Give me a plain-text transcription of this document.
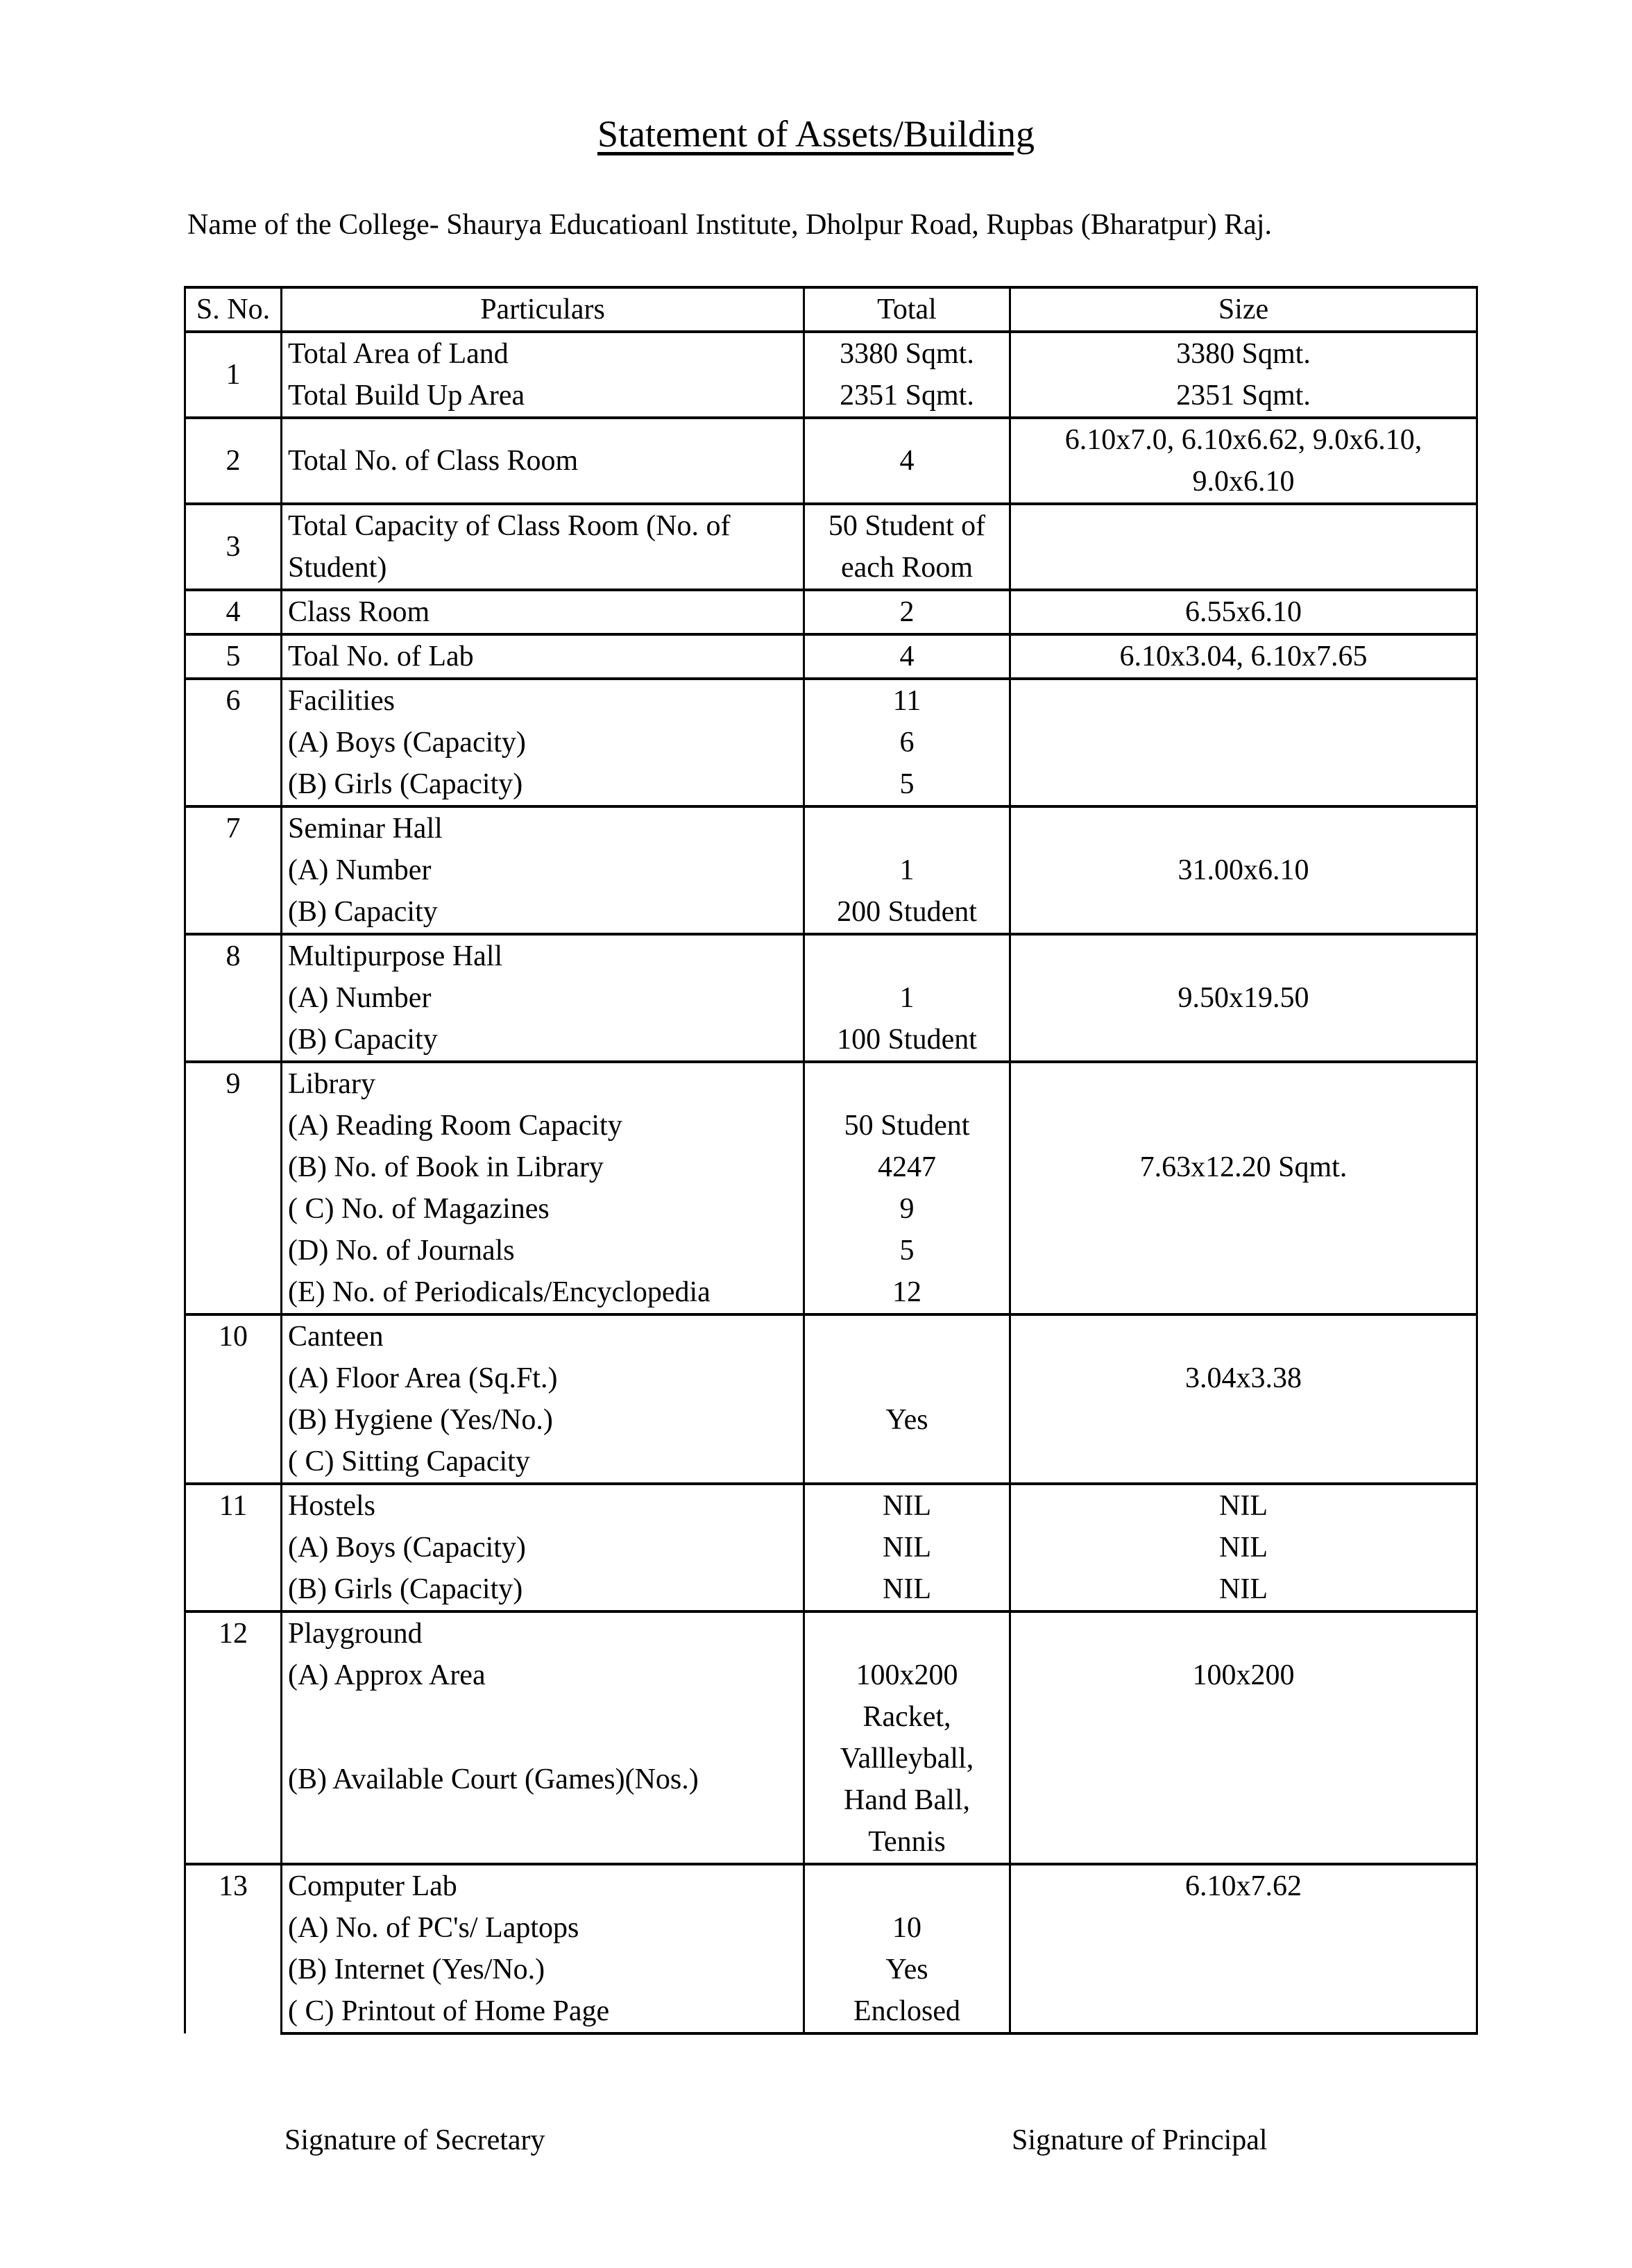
Statement of Assets/Building
Name of the College- Shaurya Educatioanl Institute, Dholpur Road, Rupbas (Bharatpur) Raj.
S. No.	Particulars	Total	Size
1	Total Area of Land	3380 Sqmt.	3380 Sqmt.
	Total Build Up Area	2351 Sqmt.	2351 Sqmt.
2	Total No. of Class Room	4	6.10x7.0, 6.10x6.62, 9.0x6.10, 9.0x6.10
3	Total Capacity of Class Room (No. of Student)	50 Student of each Room	
4	Class Room	2	6.55x6.10
5	Toal No. of Lab	4	6.10x3.04, 6.10x7.65
6	Facilities	11	
	(A) Boys (Capacity)	6	
	(B) Girls (Capacity)	5	
7	Seminar Hall		
	(A) Number	1	31.00x6.10
	(B) Capacity	200 Student	
8	Multipurpose Hall		
	(A) Number	1	9.50x19.50
	(B) Capacity	100 Student	
9	Library		
	(A) Reading Room Capacity	50 Student	
	(B) No. of Book in Library	4247	7.63x12.20 Sqmt.
	( C) No. of Magazines	9	
	(D) No. of Journals	5	
	(E) No. of Periodicals/Encyclopedia	12	
10	Canteen		
	(A) Floor Area (Sq.Ft.)		3.04x3.38
	(B) Hygiene (Yes/No.)	Yes	
	( C) Sitting Capacity		
11	Hostels	NIL	NIL
	(A) Boys (Capacity)	NIL	NIL
	(B) Girls (Capacity)	NIL	NIL
12	Playground		
	(A) Approx Area	100x200	100x200
	(B) Available Court (Games)(Nos.)	Racket, Vallleyball, Hand Ball, Tennis	
13	Computer Lab		6.10x7.62
	(A) No. of PC's/ Laptops	10	
	(B) Internet (Yes/No.)	Yes	
	( C) Printout of Home Page	Enclosed	
Signature of Secretary	Signature of Principal
